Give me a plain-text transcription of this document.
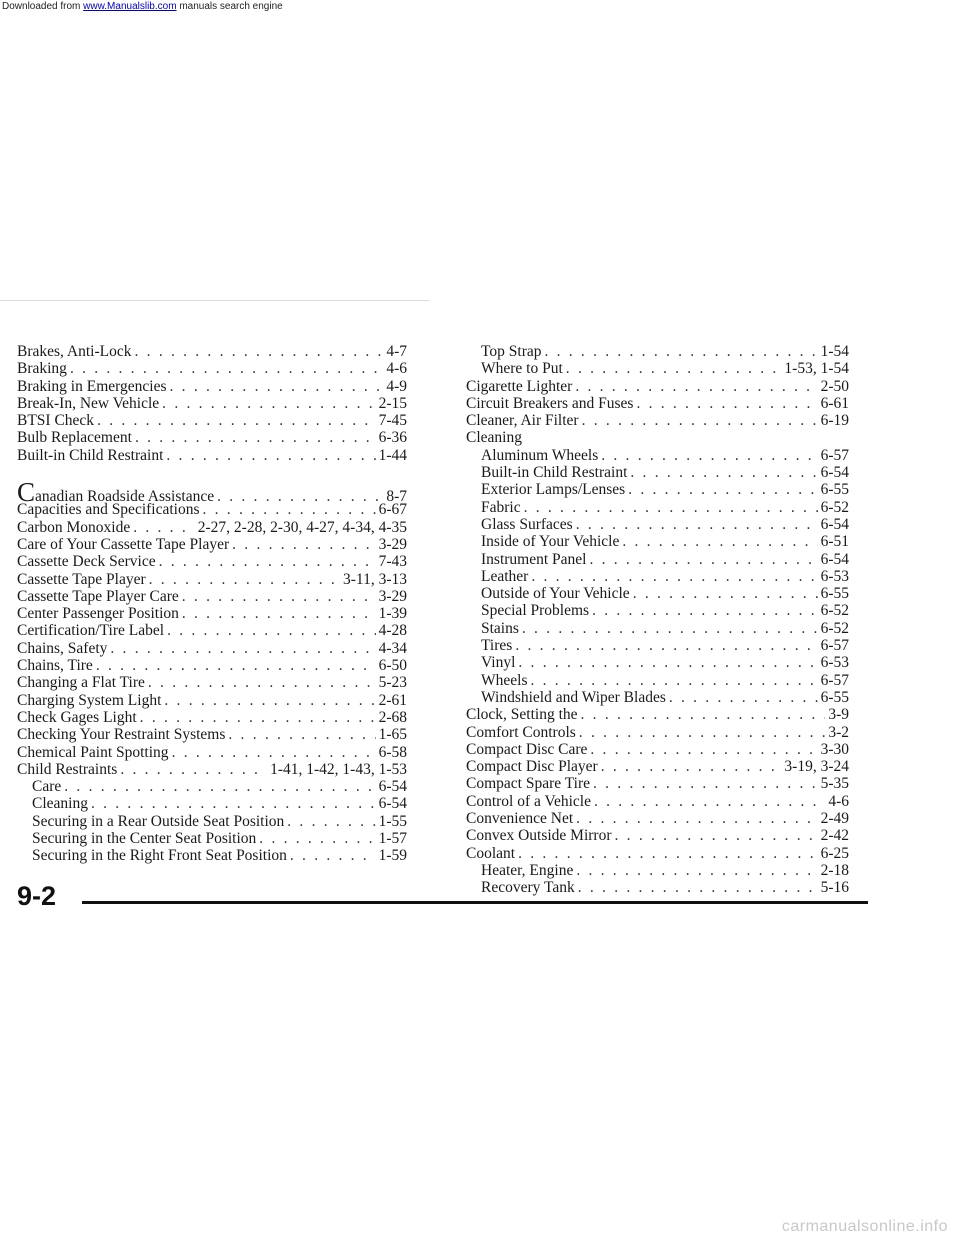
Downloaded from www.Manualslib.com manuals search engine
Brakes, Anti-Lock . . .	4-7
Braking . . .	4-6
Braking in Emergencies . . .	4-9
Break-In, New Vehicle . . .	2-15
BTSI Check . . .	7-45
Bulb Replacement . . .	6-36
Built-in Child Restraint . . .	1-44
Canadian Roadside Assistance . . .	8-7
Capacities and Specifications . . .	6-67
Carbon Monoxide . . .	2-27, 2-28, 2-30, 4-27, 4-34, 4-35
Care of Your Cassette Tape Player . . .	3-29
Cassette Deck Service . . .	7-43
Cassette Tape Player . . .	3-11, 3-13
Cassette Tape Player Care . . .	3-29
Center Passenger Position . . .	1-39
Certification/Tire Label . . .	4-28
Chains, Safety . . .	4-34
Chains, Tire . . .	6-50
Changing a Flat Tire . . .	5-23
Charging System Light . . .	2-61
Check Gages Light . . .	2-68
Checking Your Restraint Systems . . .	1-65
Chemical Paint Spotting . . .	6-58
Child Restraints . . .	1-41, 1-42, 1-43, 1-53
Care . . .	6-54
Cleaning . . .	6-54
Securing in a Rear Outside Seat Position . . .	1-55
Securing in the Center Seat Position . . .	1-57
Securing in the Right Front Seat Position . . .	1-59
Top Strap . . .	1-54
Where to Put . . .	1-53, 1-54
Cigarette Lighter . . .	2-50
Circuit Breakers and Fuses . . .	6-61
Cleaner, Air Filter . . .	6-19
Cleaning
Aluminum Wheels . . .	6-57
Built-in Child Restraint . . .	6-54
Exterior Lamps/Lenses . . .	6-55
Fabric . . .	6-52
Glass Surfaces . . .	6-54
Inside of Your Vehicle . . .	6-51
Instrument Panel . . .	6-54
Leather . . .	6-53
Outside of Your Vehicle . . .	6-55
Special Problems . . .	6-52
Stains . . .	6-52
Tires . . .	6-57
Vinyl . . .	6-53
Wheels . . .	6-57
Windshield and Wiper Blades . . .	6-55
Clock, Setting the . . .	3-9
Comfort Controls . . .	3-2
Compact Disc Care . . .	3-30
Compact Disc Player . . .	3-19, 3-24
Compact Spare Tire . . .	5-35
Control of a Vehicle . . .	4-6
Convenience Net . . .	2-49
Convex Outside Mirror . . .	2-42
Coolant . . .	6-25
Heater, Engine . . .	2-18
Recovery Tank . . .	5-16
9-2
carmanualsonline.info
